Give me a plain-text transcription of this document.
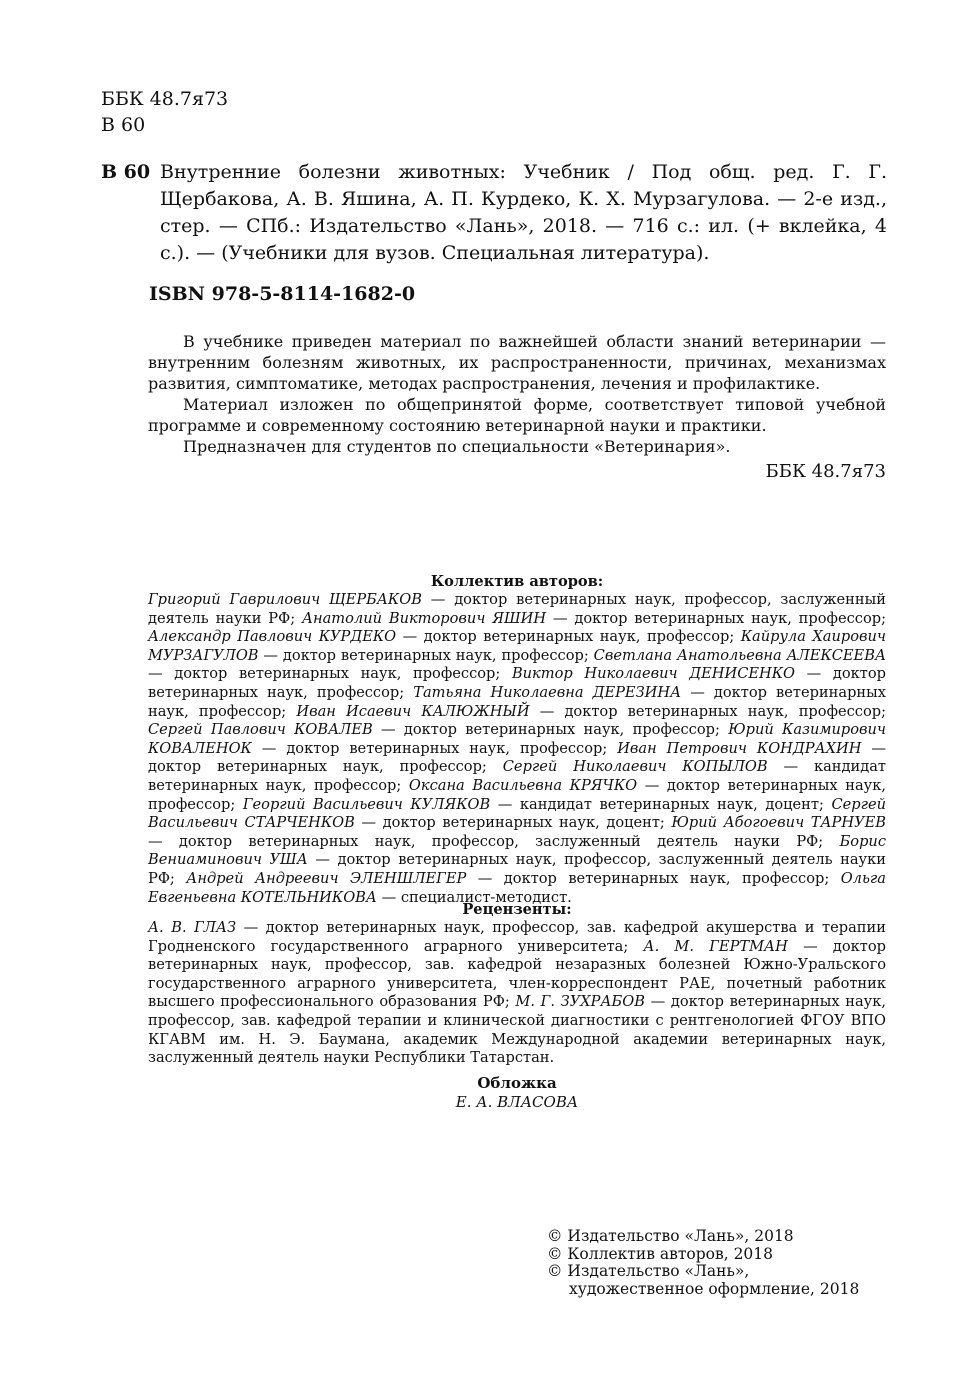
ББК 48.7я73
В 60
В 60 Внутренние болезни животных: Учебник / Под общ. ред. Г. Г. Щербакова, А. В. Яшина, А. П. Курдеко, К. Х. Мурзагулова. — 2-е изд., стер. — СПб.: Издательство «Лань», 2018. — 716 с.: ил. (+ вклейка, 4 с.). — (Учебники для вузов. Специальная литература).
ISBN 978-5-8114-1682-0

В учебнике приведен материал по важнейшей области знаний ветеринарии — внутренним болезням животных, их распространенности, причинах, механизмах развития, симптоматике, методах распространения, лечения и профилактике.

Материал изложен по общепринятой форме, соответствует типовой учебной программе и современному состоянию ветеринарной науки и практики.

Предназначен для студентов по специальности «Ветеринария».

ББК 48.7я73
Коллектив авторов:
Григорий Гаврилович ЩЕРБАКОВ — доктор ветеринарных наук, профессор, заслуженный деятель науки РФ; Анатолий Викторович ЯШИН — доктор ветеринарных наук, профессор; Александр Павлович КУРДЕКО — доктор ветеринарных наук, профессор; Кайрула Хаирович МУРЗАГУЛОВ — доктор ветеринарных наук, профессор; Светлана Анатольевна АЛЕКСЕЕВА — доктор ветеринарных наук, профессор; Виктор Николаевич ДЕНИСЕНКО — доктор ветеринарных наук, профессор; Татьяна Николаевна ДЕРЕЗИНА — доктор ветеринарных наук, профессор; Иван Исаевич КАЛЮЖНЫЙ — доктор ветеринарных наук, профессор; Сергей Павлович КОВАЛЕВ — доктор ветеринарных наук, профессор; Юрий Казимирович КОВАЛЕНОК — доктор ветеринарных наук, профессор; Иван Петрович КОНДРАХИН — доктор ветеринарных наук, профессор; Сергей Николаевич КОПЫЛОВ — кандидат ветеринарных наук, профессор; Оксана Васильевна КРЯЧКО — доктор ветеринарных наук, профессор; Георгий Васильевич КУЛЯКОВ — кандидат ветеринарных наук, доцент; Сергей Васильевич СТАРЧЕНКОВ — доктор ветеринарных наук, доцент; Юрий Абогоевич ТАРНУЕВ — доктор ветеринарных наук, профессор, заслуженный деятель науки РФ; Борис Вениаминович УША — доктор ветеринарных наук, профессор, заслуженный деятель науки РФ; Андрей Андреевич ЭЛЕНШЛЕГЕР — доктор ветеринарных наук, профессор; Ольга Евгеньевна КОТЕЛЬНИКОВА — специалист-методист.
Рецензенты:
А. В. ГЛАЗ — доктор ветеринарных наук, профессор, зав. кафедрой акушерства и терапии Гродненского государственного аграрного университета; А. М. ГЕРТМАН — доктор ветеринарных наук, профессор, зав. кафедрой незаразных болезней Южно-Уральского государственного аграрного университета, член-корреспондент РАЕ, почетный работник высшего профессионального образования РФ; М. Г. ЗУХРАБОВ — доктор ветеринарных наук, профессор, зав. кафедрой терапии и клинической диагностики с рентгенологией ФГОУ ВПО КГАВМ им. Н. Э. Баумана, академик Международной академии ветеринарных наук, заслуженный деятель науки Республики Татарстан.
Обложка
Е. А. ВЛАСОВА
© Издательство «Лань», 2018
© Коллектив авторов, 2018
© Издательство «Лань»,
художественное оформление, 2018
